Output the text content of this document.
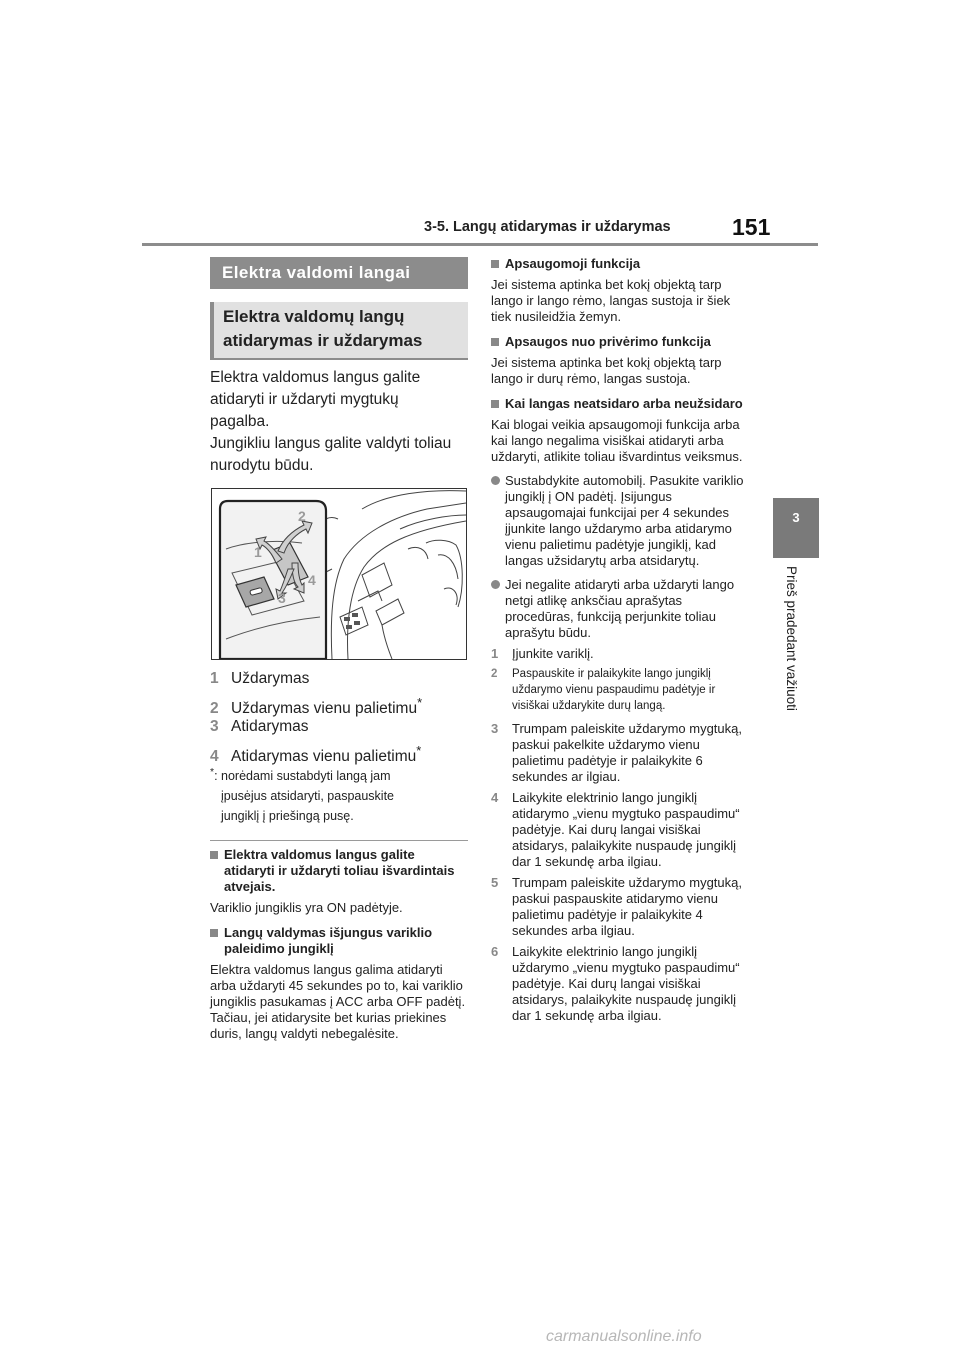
3-5. Langų atidarymas ir uždarymas	151
3
Prieš pradedant važiuoti
Elektra valdomi langai
Elektra valdomų langų
atidarymas ir uždarymas

Elektra valdomus langus galite

atidaryti ir uždaryti mygtukų

pagalba.

Jungikliu langus galite valdyti toliau

nurodytu būdu.

2
1
4
3
1 Uždarymas
2 Uždarymas vienu palietimu*
3 Atidarymas
4 Atidarymas vienu palietimu*
*: norėdami sustabdyti langą jam
įpusėjus atsidaryti, paspauskite
jungiklį į priešingą pusę.

Elektra valdomus langus galite atidaryti ir uždaryti toliau išvardintais atvejais.

Variklio jungiklis yra ON padėtyje.

Langų valdymas išjungus variklio paleidimo jungiklį

Elektra valdomus langus galima atidaryti arba uždaryti 45 sekundes po to, kai variklio jungiklis pasukamas į ACC arba OFF padėtį. Tačiau, jei atidarysite bet kurias priekines duris, langų valdyti nebegalėsite.

Apsaugomoji funkcija

Jei sistema aptinka bet kokį objektą tarp lango ir lango rėmo, langas sustoja ir šiek tiek nusileidžia žemyn.

Apsaugos nuo privėrimo funkcija

Jei sistema aptinka bet kokį objektą tarp lango ir durų rėmo, langas sustoja.

Kai langas neatsidaro arba neužsidaro

Kai blogai veikia apsaugomoji funkcija arba kai lango negalima visiškai atidaryti arba uždaryti, atlikite toliau išvardintus veiksmus.

Sustabdykite automobilį. Pasukite variklio jungiklį į ON padėtį. Įsijungus apsaugomajai funkcijai per 4 sekundes įjunkite lango uždarymo arba atidarymo vienu palietimu padėtyje jungiklį, kad langas užsidarytų arba atsidarytų.

Jei negalite atidaryti arba uždaryti lango netgi atlikę anksčiau aprašytas procedūras, funkciją perjunkite toliau aprašytu būdu.

1 Įjunkite variklį.

2 Paspauskite ir palaikykite lango jungiklį uždarymo vienu paspaudimu padėtyje ir visiškai uždarykite durų langą.

3 Trumpam paleiskite uždarymo mygtuką, paskui pakelkite uždarymo vienu palietimu padėtyje ir palaikykite 6 sekundes ar ilgiau.

4 Laikykite elektrinio lango jungiklį atidarymo „vienu mygtuko paspaudimu“ padėtyje. Kai durų langai visiškai atsidarys, palaikykite nuspaudę jungiklį dar 1 sekundę arba ilgiau.

5 Trumpam paleiskite uždarymo mygtuką, paskui paspauskite atidarymo vienu palietimu padėtyje ir palaikykite 4 sekundes arba ilgiau.

6 Laikykite elektrinio lango jungiklį uždarymo „vienu mygtuko paspaudimu“ padėtyje. Kai durų langai visiškai atsidarys, palaikykite nuspaudę jungiklį dar 1 sekundę arba ilgiau.

carmanualsonline.info
